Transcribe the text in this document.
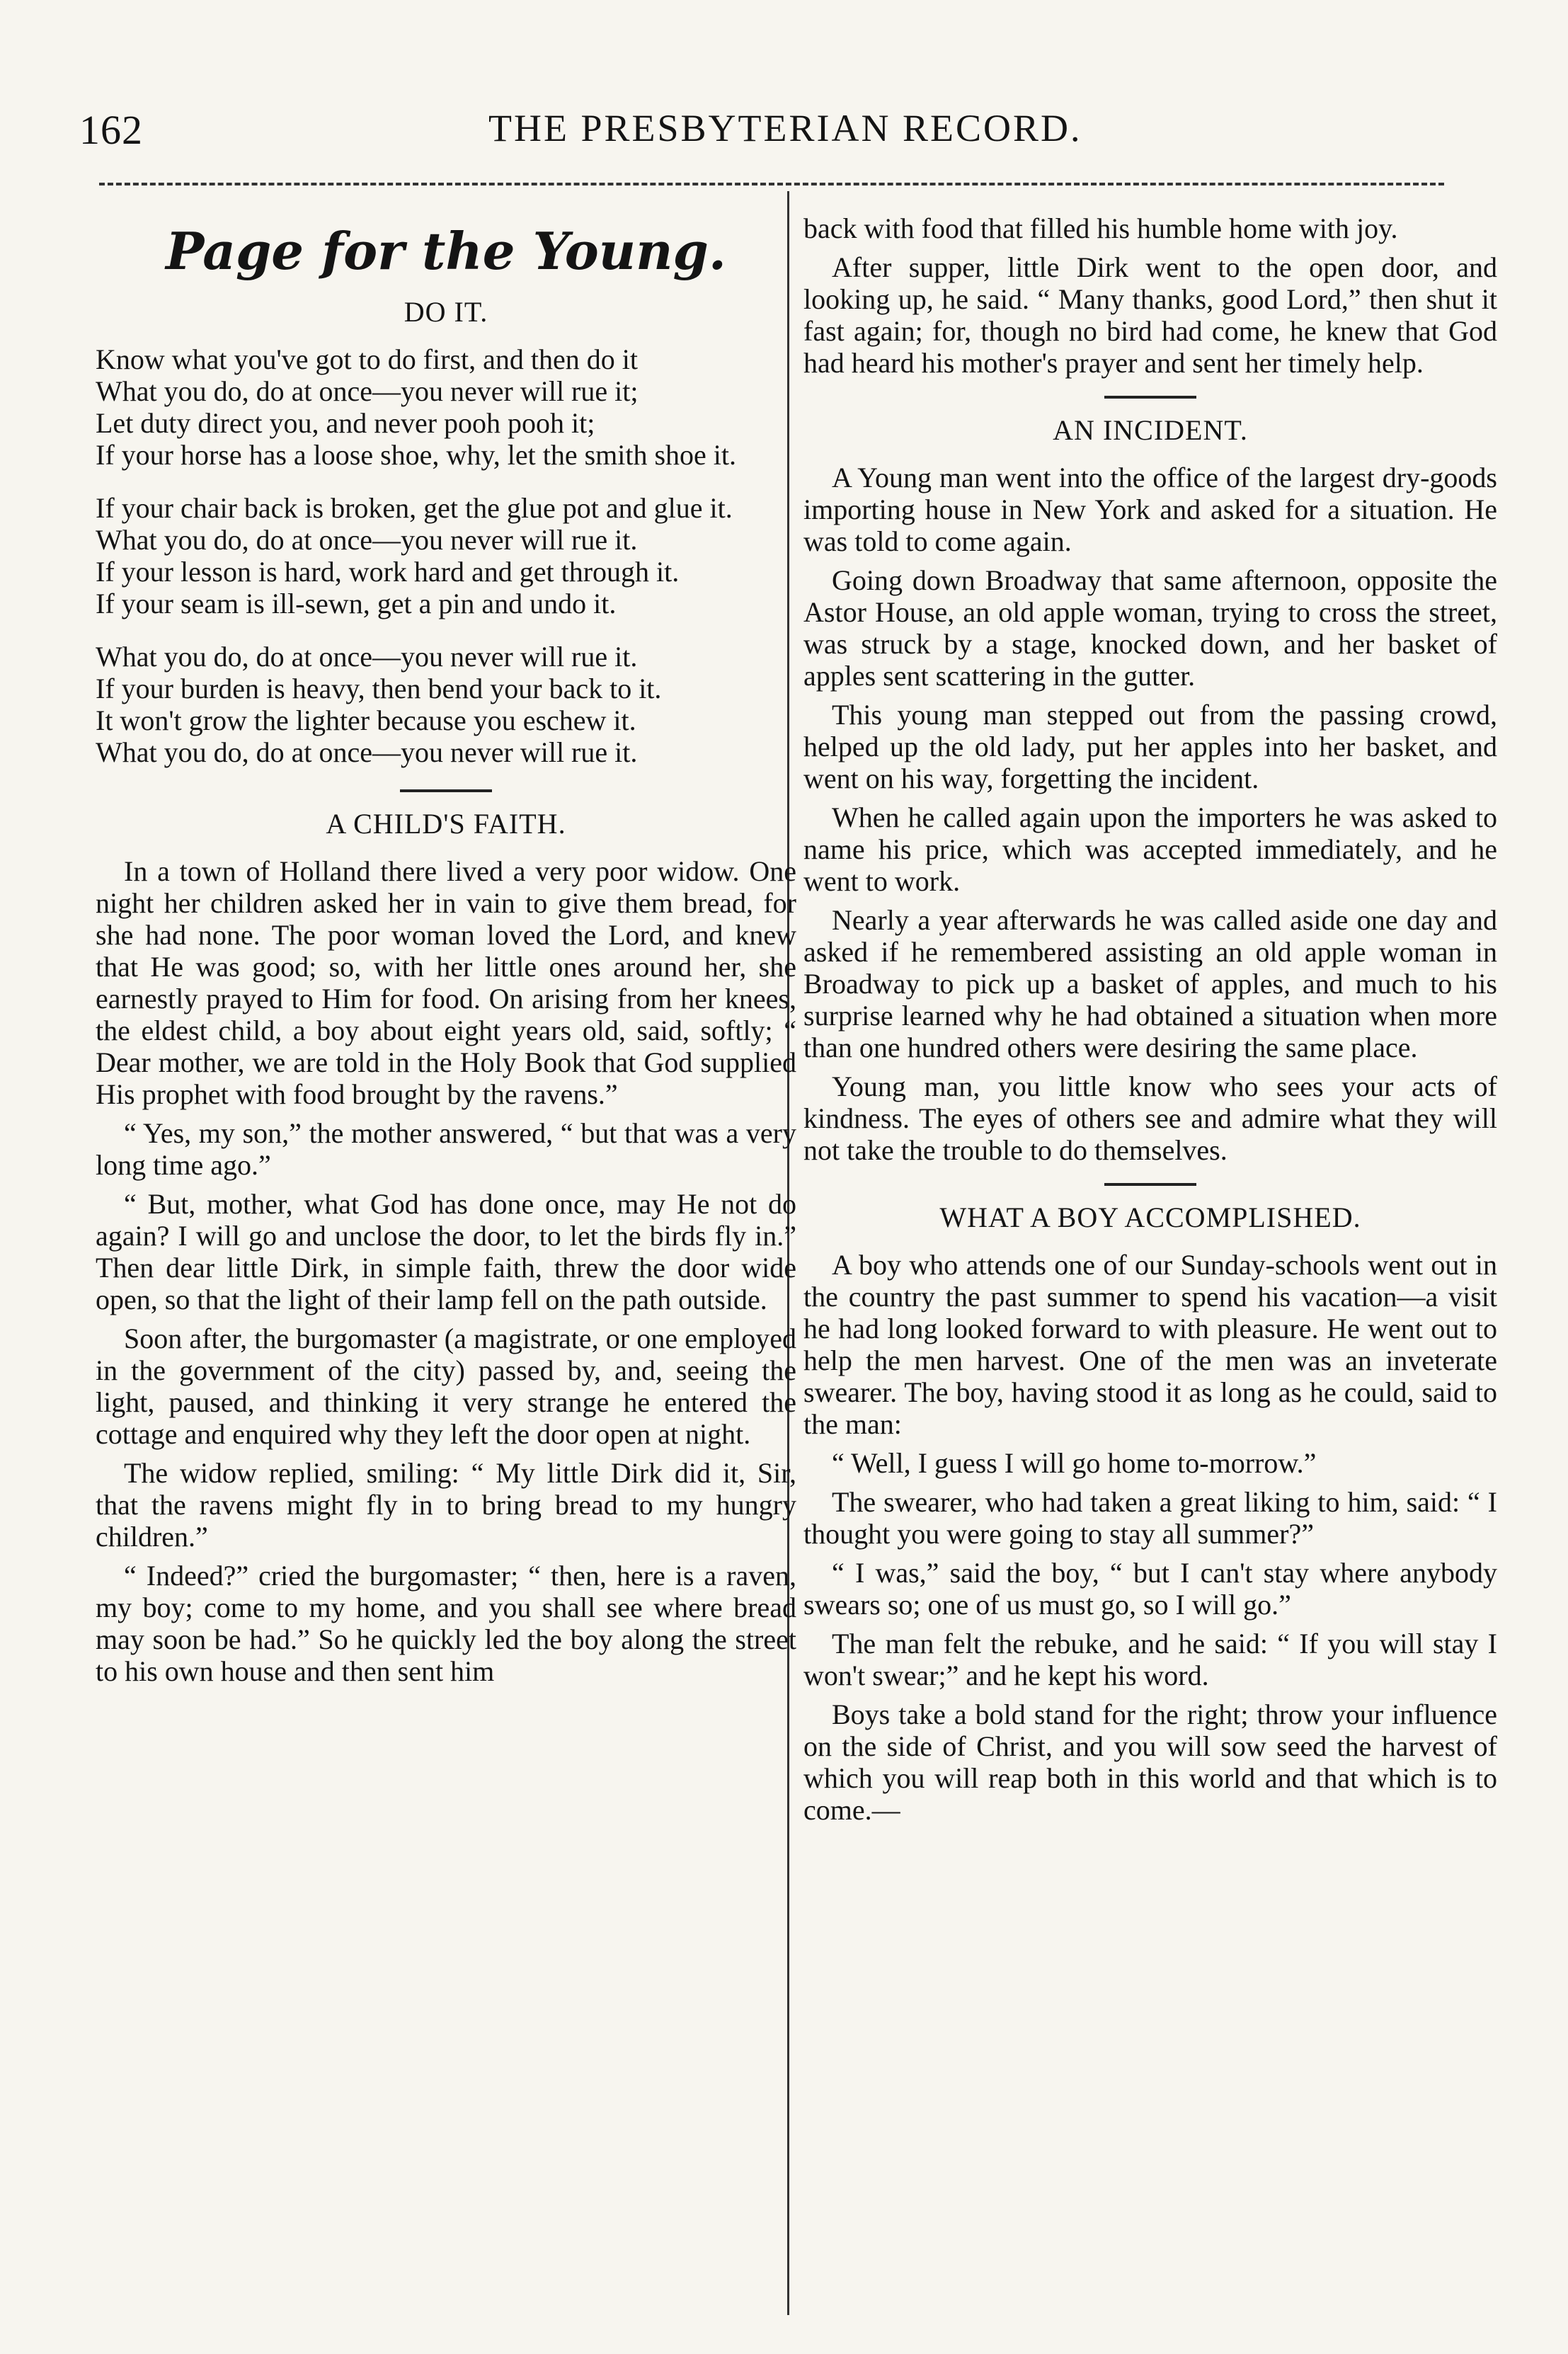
162	THE PRESBYTERIAN RECORD.
Page for the Young.
DO IT.

Know what you've got to do first, and then do it

What you do, do at once—you never will rue it;

Let duty direct you, and never pooh pooh it;

If your horse has a loose shoe, why, let the smith shoe it.

If your chair back is broken, get the glue pot and glue it.

What you do, do at once—you never will rue it.

If your lesson is hard, work hard and get through it.

If your seam is ill-sewn, get a pin and undo it.

What you do, do at once—you never will rue it.

If your burden is heavy, then bend your back to it.

It won't grow the lighter because you eschew it.

What you do, do at once—you never will rue it.

A CHILD'S FAITH.

In a town of Holland there lived a very poor widow. One night her children asked her in vain to give them bread, for she had none. The poor woman loved the Lord, and knew that He was good; so, with her little ones around her, she earnestly prayed to Him for food. On arising from her knees, the eldest child, a boy about eight years old, said, softly; “ Dear mother, we are told in the Holy Book that God supplied His prophet with food brought by the ravens.”

“ Yes, my son,” the mother answered, “ but that was a very long time ago.”

“ But, mother, what God has done once, may He not do again? I will go and unclose the door, to let the birds fly in.” Then dear little Dirk, in simple faith, threw the door wide open, so that the light of their lamp fell on the path outside.

Soon after, the burgomaster (a magistrate, or one employed in the government of the city) passed by, and, seeing the light, paused, and thinking it very strange he entered the cottage and enquired why they left the door open at night.

The widow replied, smiling: “ My little Dirk did it, Sir, that the ravens might fly in to bring bread to my hungry children.”

“ Indeed?” cried the burgomaster; “ then, here is a raven, my boy; come to my home, and you shall see where bread may soon be had.” So he quickly led the boy along the street to his own house and then sent him

back with food that filled his humble home with joy.

After supper, little Dirk went to the open door, and looking up, he said. “ Many thanks, good Lord,” then shut it fast again; for, though no bird had come, he knew that God had heard his mother's prayer and sent her timely help.

AN INCIDENT.

A Young man went into the office of the largest dry-goods importing house in New York and asked for a situation. He was told to come again.

Going down Broadway that same afternoon, opposite the Astor House, an old apple woman, trying to cross the street, was struck by a stage, knocked down, and her basket of apples sent scattering in the gutter.

This young man stepped out from the passing crowd, helped up the old lady, put her apples into her basket, and went on his way, forgetting the incident.

When he called again upon the importers he was asked to name his price, which was accepted immediately, and he went to work.

Nearly a year afterwards he was called aside one day and asked if he remembered assisting an old apple woman in Broadway to pick up a basket of apples, and much to his surprise learned why he had obtained a situation when more than one hundred others were desiring the same place.

Young man, you little know who sees your acts of kindness. The eyes of others see and admire what they will not take the trouble to do themselves.

WHAT A BOY ACCOMPLISHED.

A boy who attends one of our Sunday-schools went out in the country the past summer to spend his vacation—a visit he had long looked forward to with pleasure. He went out to help the men harvest. One of the men was an inveterate swearer. The boy, having stood it as long as he could, said to the man:

“ Well, I guess I will go home to-morrow.”

The swearer, who had taken a great liking to him, said: “ I thought you were going to stay all summer?”

“ I was,” said the boy, “ but I can't stay where anybody swears so; one of us must go, so I will go.”

The man felt the rebuke, and he said: “ If you will stay I won't swear;” and he kept his word.

Boys take a bold stand for the right; throw your influence on the side of Christ, and you will sow seed the harvest of which you will reap both in this world and that which is to come.—
